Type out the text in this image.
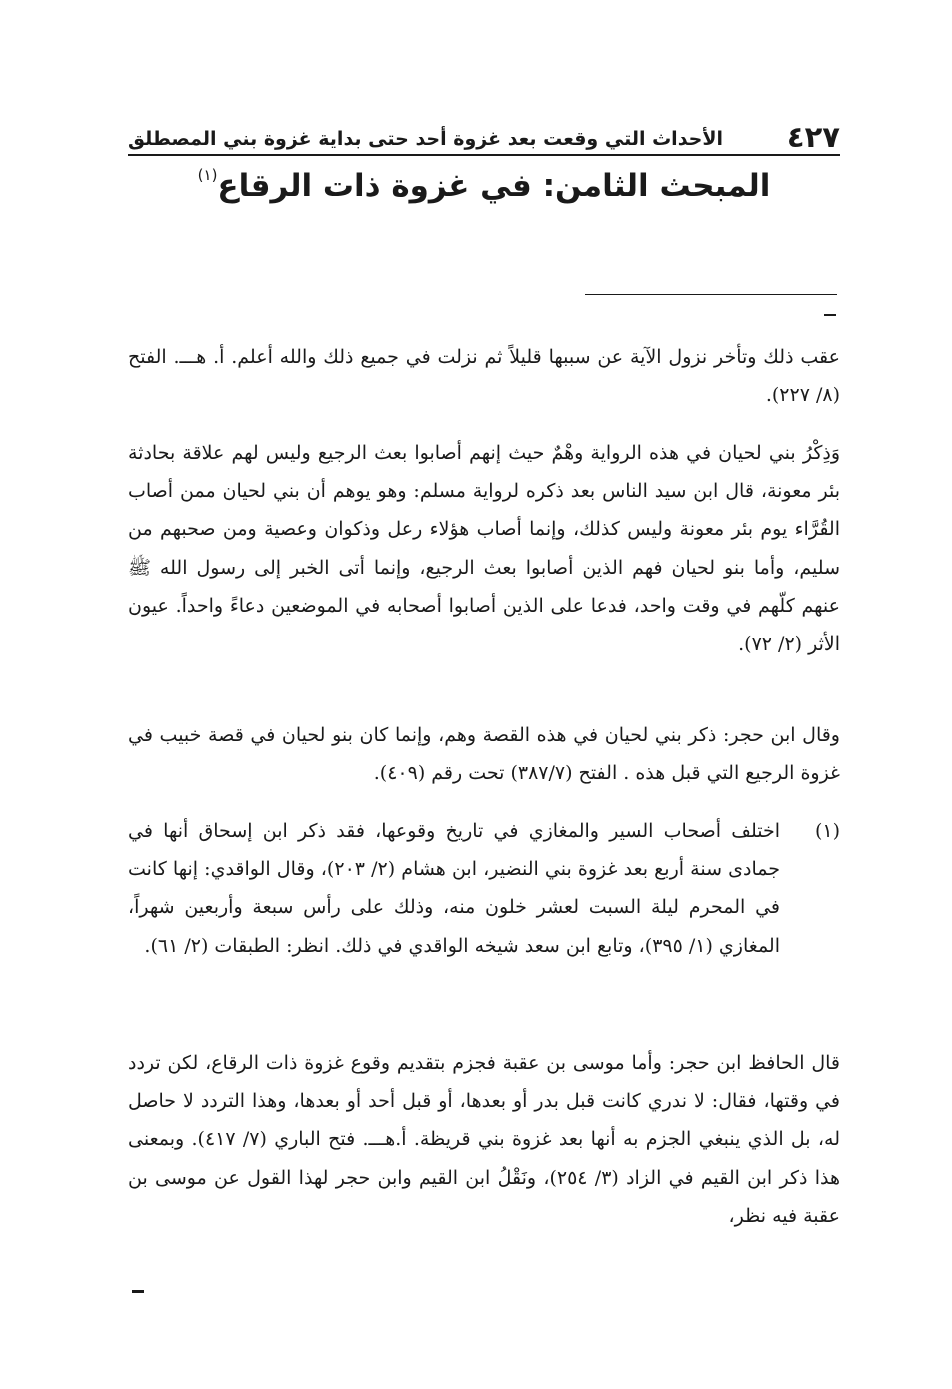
٤٢٧
الأحداث التي وقعت بعد غزوة أحد حتى بداية غزوة بني المصطلق
المبحث الثامن: في غزوة ذات الرقاع$^{(١)}$

عقب ذلك وتأخر نزول الآية عن سببها قليلاً ثم نزلت في جميع ذلك والله أعلم. أ. هـــ. الفتح (٨/ ٢٢٧).

وَذِكْرُ بني لحيان في هذه الرواية وهْمٌ حيث إنهم أصابوا بعث الرجيع وليس لهم علاقة بحادثة بئر معونة، قال ابن سيد الناس بعد ذكره لرواية مسلم: وهو يوهم أن بني لحيان ممن أصاب القُرَّاء يوم بئر معونة وليس كذلك، وإنما أصاب هؤلاء رعل وذكوان وعصية ومن صحبهم من سليم، وأما بنو لحيان فهم الذين أصابوا بعث الرجيع، وإنما أتى الخبر إلى رسول الله ﷺ عنهم كلّهم في وقت واحد، فدعا على الذين أصابوا أصحابه في الموضعين دعاءً واحداً. عيون الأثر (٢/ ٧٢).

وقال ابن حجر: ذكر بني لحيان في هذه القصة وهم، وإنما كان بنو لحيان في قصة خبيب في غزوة الرجيع التي قبل هذه . الفتح (٣٨٧/٧) تحت رقم (٤٠٩).

(١)

اختلف أصحاب السير والمغازي في تاريخ وقوعها، فقد ذكر ابن إسحاق أنها في جمادى سنة أربع بعد غزوة بني النضير، ابن هشام (٢/ ٢٠٣)، وقال الواقدي: إنها كانت في المحرم ليلة السبت لعشر خلون منه، وذلك على رأس سبعة وأربعين شهراً، المغازي (١/ ٣٩٥)، وتابع ابن سعد شيخه الواقدي في ذلك. انظر: الطبقات (٢/ ٦١).

قال الحافظ ابن حجر: وأما موسى بن عقبة فجزم بتقديم وقوع غزوة ذات الرقاع، لكن تردد في وقتها، فقال: لا ندري كانت قبل بدر أو بعدها، أو قبل أحد أو بعدها، وهذا التردد لا حاصل له، بل الذي ينبغي الجزم به أنها بعد غزوة بني قريظة. أ.هـــ. فتح الباري (٧/ ٤١٧). وبمعنى هذا ذكر ابن القيم في الزاد (٣/ ٢٥٤)، ونَقْلُ ابن القيم وابن حجر لهذا القول عن موسى بن عقبة فيه نظر،
